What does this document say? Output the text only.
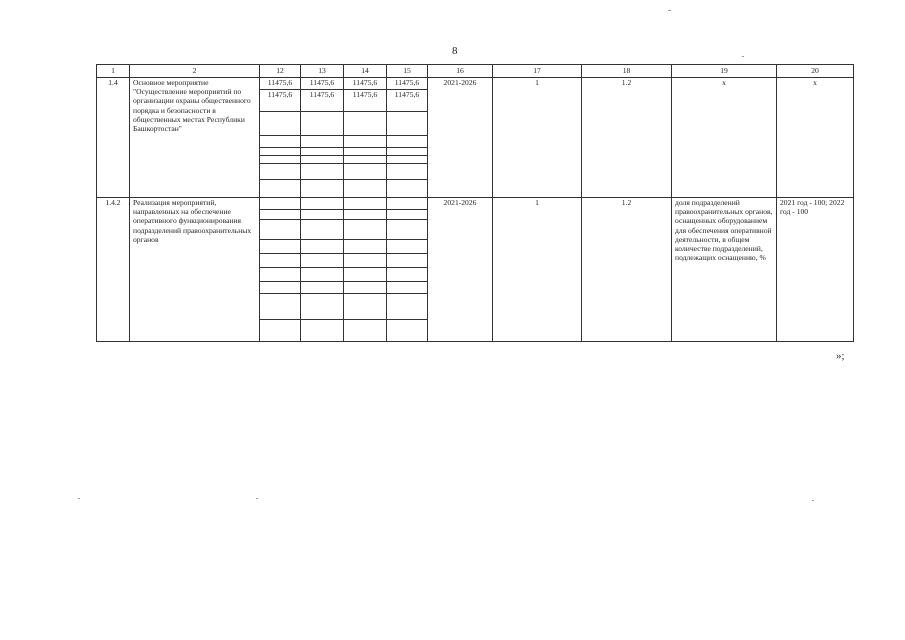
8
1	2	12	13	14	15	16	17	18	19	20
1.4	Основное мероприятие "Осуществление мероприятий по организации охраны общественного порядка и безопасности в общественных местах Республики Башкортостан"	11475,6	11475,6	11475,6	11475,6	2021-2026	1	1.2	х	х
		11475,6	11475,6	11475,6	11475,6					

1.4.2	Реализация мероприятий, направленных на обеспечение оперативного функционирования подразделений правоохранительных органов					2021-2026	1	1.2	доля подразделений правоохранительных органов, оснащенных оборудованием для обеспечения оперативной деятельности, в общем количестве подразделений, подлежащих оснащению, %	2021 год - 100; 2022 год - 100

»;
